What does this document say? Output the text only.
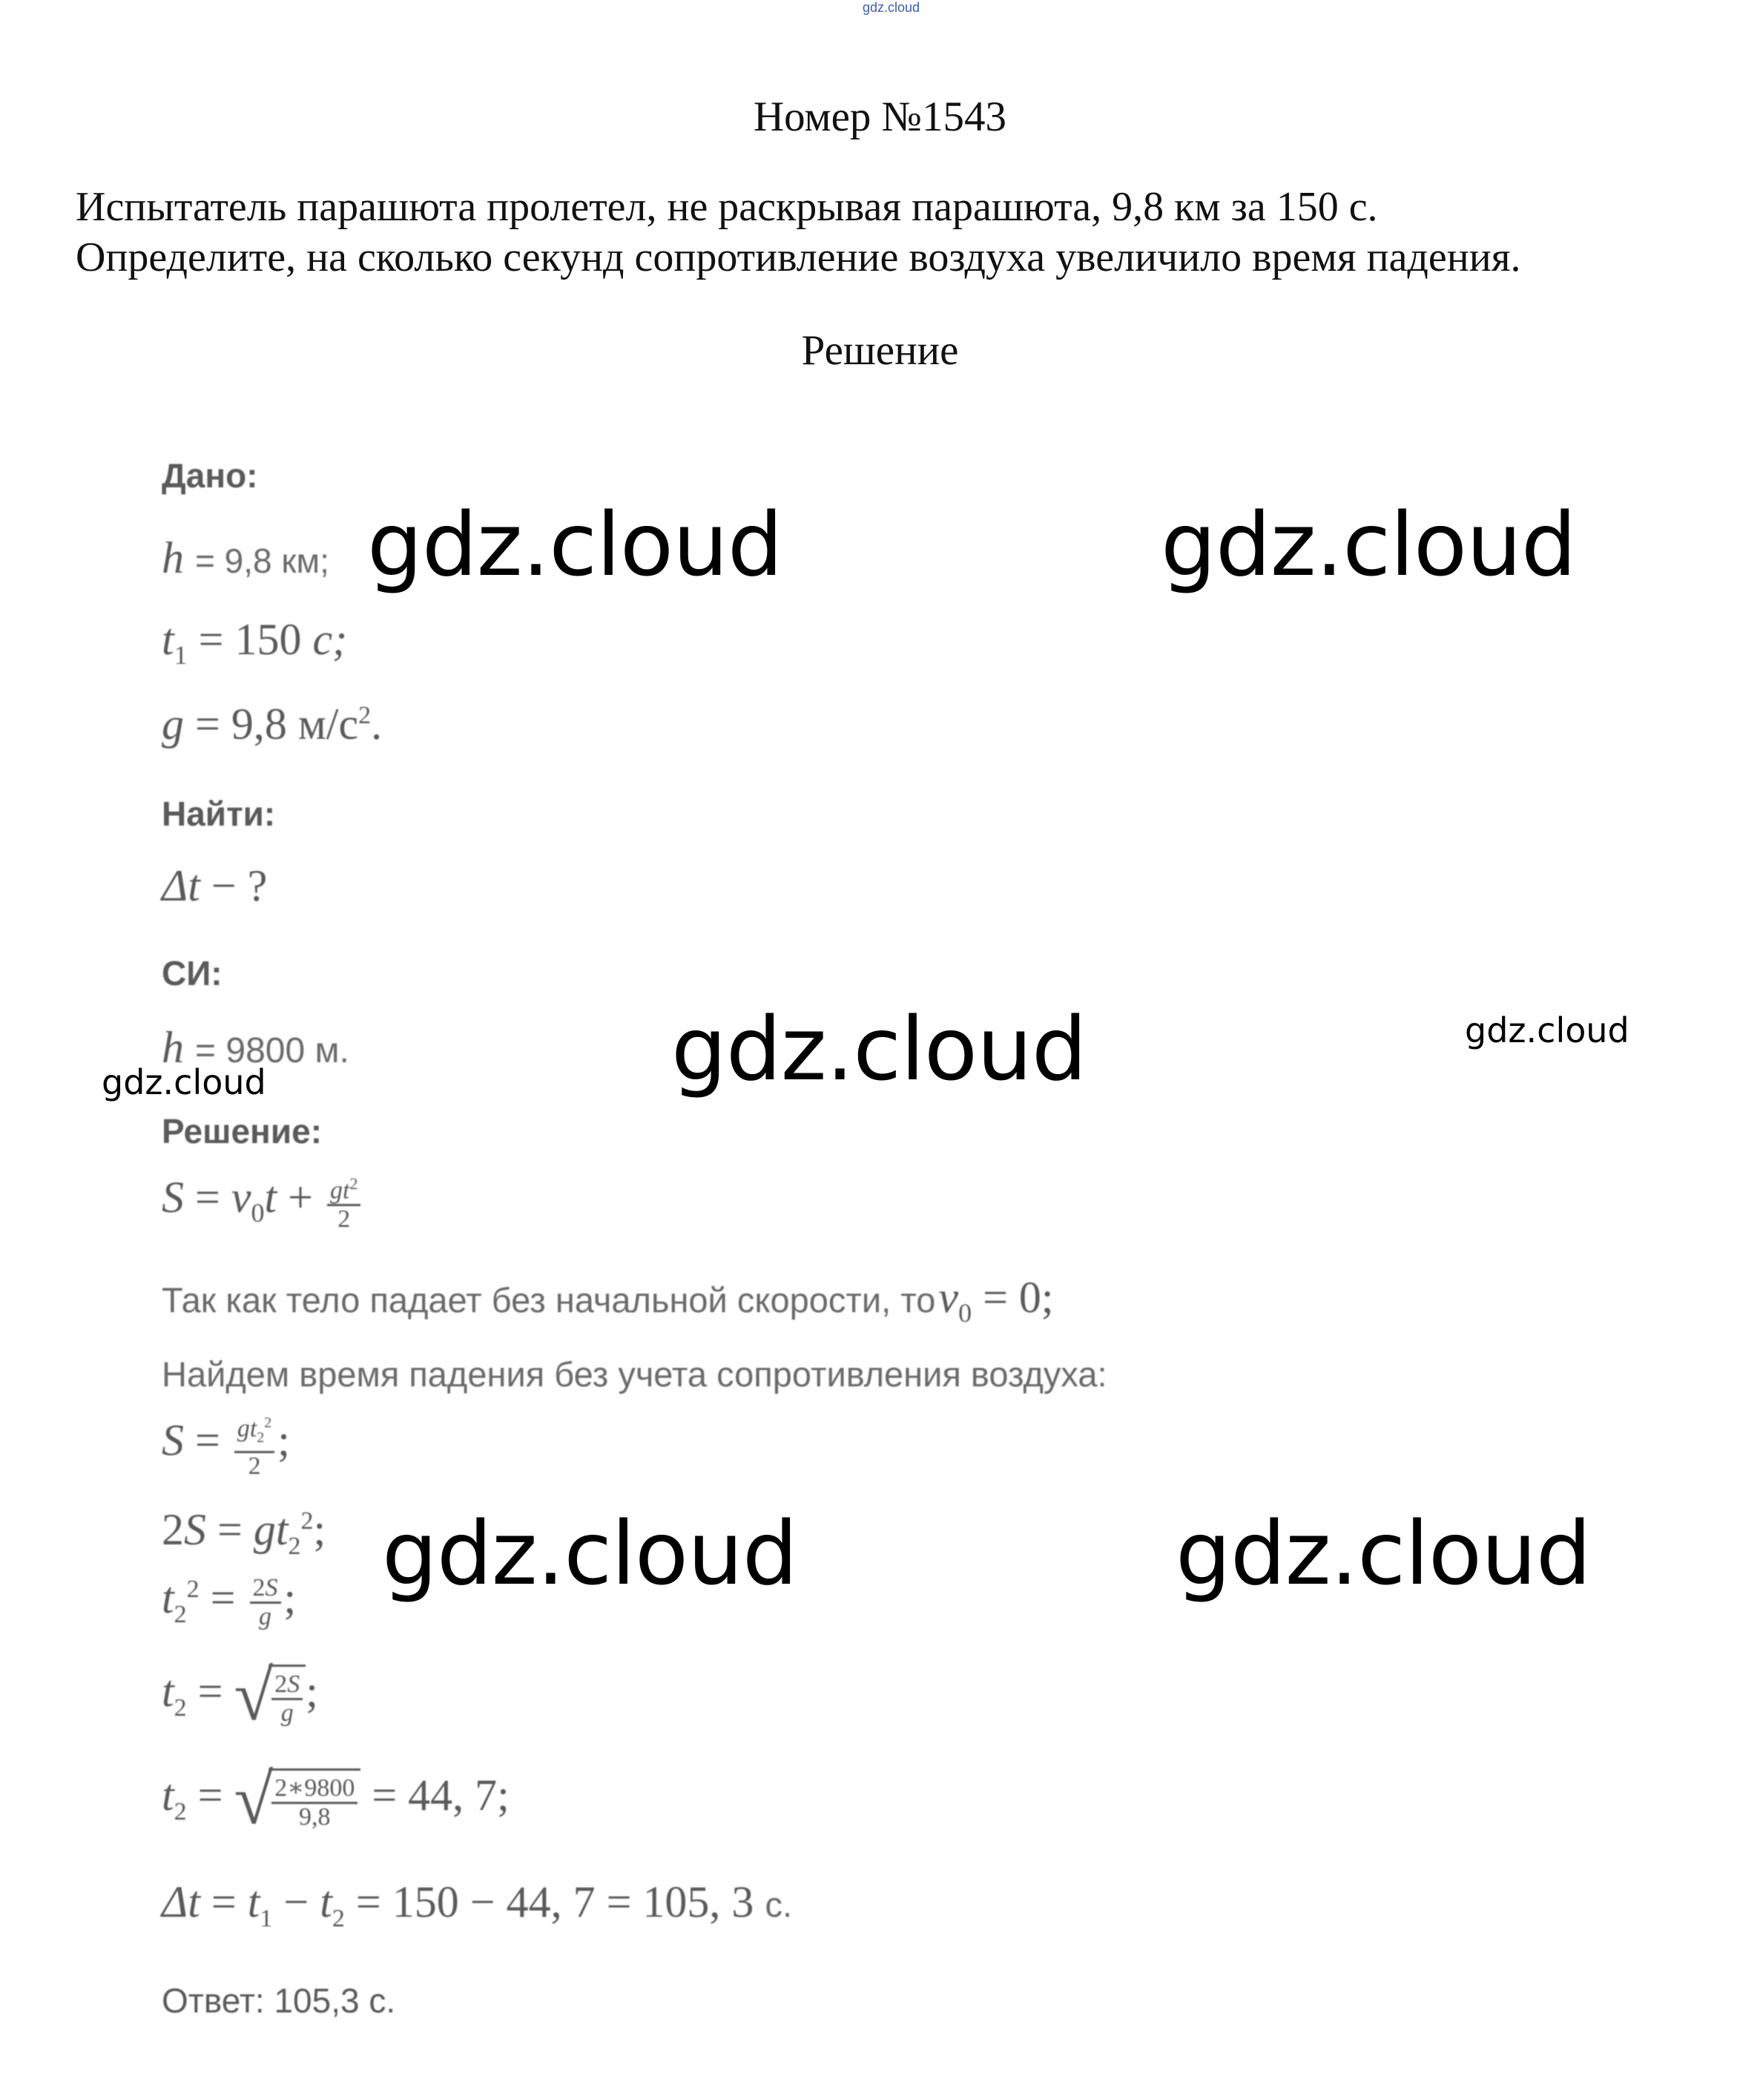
gdz.cloud
Номер №1543
Испытатель парашюта пролетел, не раскрывая парашюта, 9,8 км за 150 с.
Определите, на сколько секунд сопротивление воздуха увеличило время падения.
Решение
Дано:
h = 9,8 км;
$t_1 = 150$ с;
g = 9,8 $м/с^2$.
Найти:
Δt − ?
СИ:
h = 9800 м.
Решение:
$S = v_0t + \frac{gt^2}{2}$
Так как тело падает без начальной скорости, то $v_0 = 0$;
Найдем время падения без учета сопротивления воздуха:
$S = \frac{gt_2^2}{2}$ ;
$2S = gt_2^2$;
$t_2^2 = \frac{2S}{g}$ ;
$t_2$ = √
$\frac{2S}{g}$ ;
$t_2$ = √
$\frac{2∗9800}{9,8} = 44$, 7;
$\Delta t = t_1 - t_2 = 150 - 44$, 7 = 105, 3 с.
Ответ: 105,3 с.
gdz.cloud	gdz.cloud
gdz.cloud	gdz.cloud
gdz.cloud
gdz.cloud	gdz.cloud
